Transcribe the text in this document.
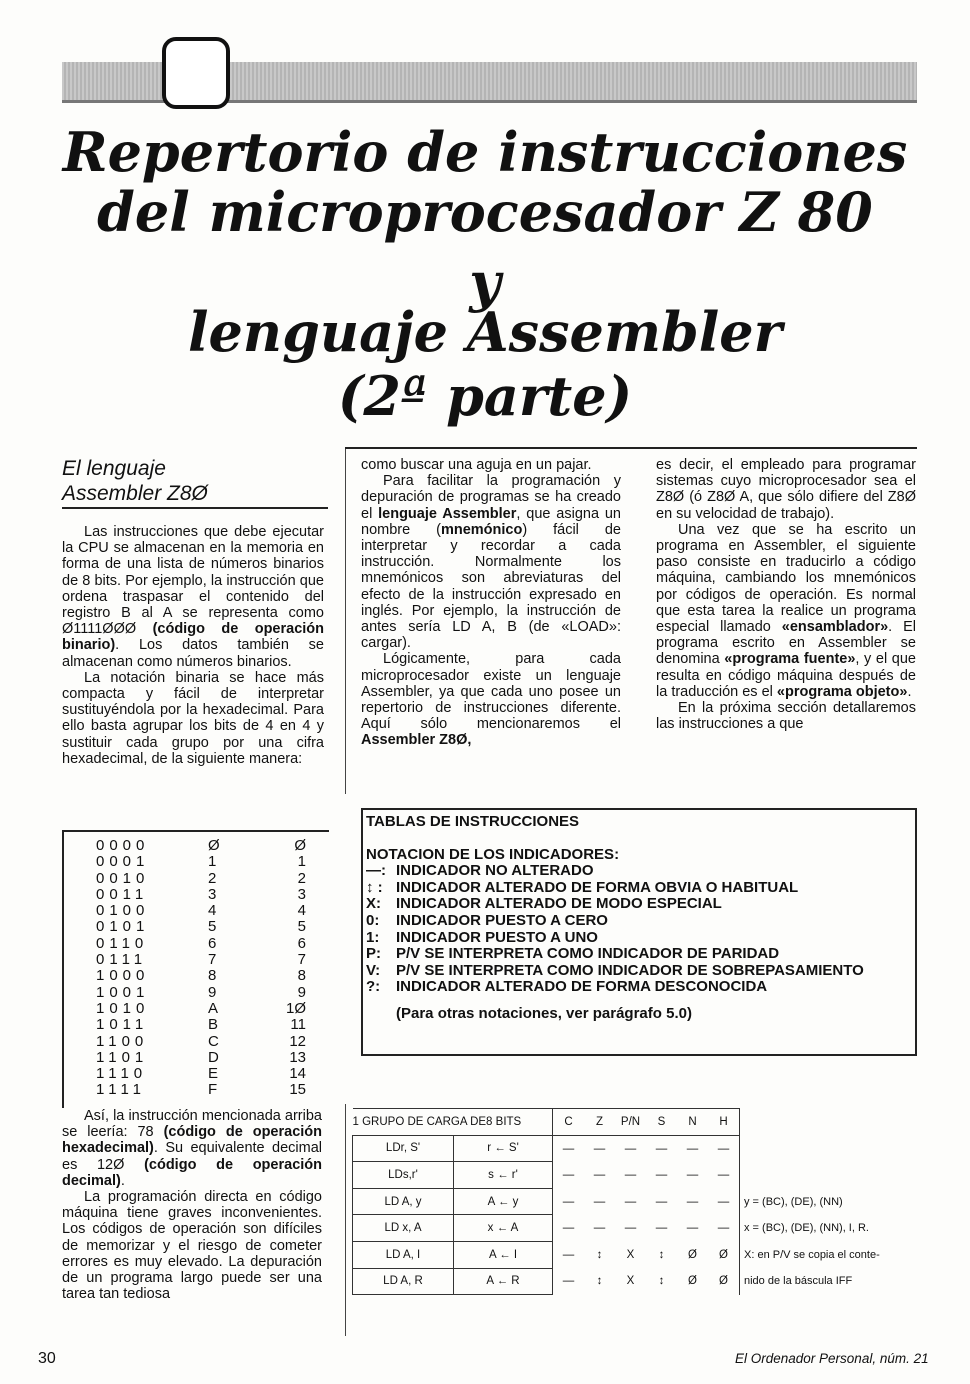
Repertorio de instrucciones
del microprocesador Z 80
y
lenguaje Assembler
(2ª parte)
El lenguaje
Assembler Z8Ø

Las instrucciones que debe ejecutar la CPU se almacenan en la memoria en forma de una lista de números binarios de 8 bits. Por ejemplo, la instrucción que ordena traspasar el contenido del registro B al A se representa como Ø1111ØØØ (código de operación binario). Los datos también se almacenan como números binarios.

La notación binaria se hace más compacta y fácil de interpretar sustituyéndola por la hexadecimal. Para ello basta agrupar los bits de 4 en 4 y sustituir cada grupo por una cifra hexadecimal, de la siguiente manera:

0000	Ø	Ø
0001	1	1
0010	2	2
0011	3	3
0100	4	4
0101	5	5
0110	6	6
0111	7	7
1000	8	8
1001	9	9
1010	A	1Ø
1011	B	11
1100	C	12
1101	D	13
1110	E	14
1111	F	15

Así, la instrucción mencionada arriba se leería: 78 (código de operación hexadecimal). Su equivalente decimal es 12Ø (código de operación decimal).

La programación directa en código máquina tiene graves inconvenientes. Los códigos de operación son difíciles de memorizar y el riesgo de cometer errores es muy elevado. La depuración de un programa largo puede ser una tarea tan tediosa

como buscar una aguja en un pajar.

Para facilitar la programación y depuración de programas se ha creado el lenguaje Assembler, que asigna un nombre (mnemónico) fácil de interpretar y recordar a cada instrucción. Normalmente los mnemónicos son abreviaturas del efecto de la instrucción expresado en inglés. Por ejemplo, la instrucción de antes sería LD A, B (de «LOAD»: cargar).

Lógicamente, para cada microprocesador existe un lenguaje Assembler, ya que cada uno posee un repertorio de instrucciones diferente. Aquí sólo mencionaremos el Assembler Z8Ø,

es decir, el empleado para programar sistemas cuyo microprocesador sea el Z8Ø (ó Z8Ø A, que sólo difiere del Z8Ø en su velocidad de trabajo).

Una vez que se ha escrito un programa en Assembler, el siguiente paso consiste en traducirlo a código máquina, cambiando los mnemónicos por códigos de operación. Es normal que esta tarea la realice un programa especial llamado «ensamblador». El programa escrito en Assembler se denomina «programa fuente», y el que resulta en código máquina después de la traducción es el «programa objeto».

En la próxima sección detallaremos las instrucciones a que

TABLAS DE INSTRUCCIONES
NOTACION DE LOS INDICADORES:
—: INDICADOR NO ALTERADO
↕ : INDICADOR ALTERADO DE FORMA OBVIA O HABITUAL
X:	INDICADOR ALTERADO DE MODO ESPECIAL
0:	INDICADOR PUESTO A CERO
1:	INDICADOR PUESTO A UNO
P:	P/V SE INTERPRETA COMO INDICADOR DE PARIDAD
V:	P/V SE INTERPRETA COMO INDICADOR DE SOBREPASAMIENTO
?:	INDICADOR ALTERADO DE FORMA DESCONOCIDA
(Para otras notaciones, ver parágrafo 5.0)
1 GRUPO DE CARGA DE8 BITS		C	Z	P/N	S	N	H	
LDr, S'	r ← S'	—	—	—	—	—	—	
LDs,r'	s ← r'	—	—	—	—	—	—	
LD A, y	A ← y	—	—	—	—	—	—	y = (BC), (DE), (NN)
LD x, A	x ← A	—	—	—	—	—	—	x = (BC), (DE), (NN), I, R.
LD A, I	A ← I	—	↕	X	↕	Ø	Ø	X: en P/V se copia el conte-
LD A, R	A ← R	—	↕	X	↕	Ø	Ø	nido de la báscula IFF
30	El Ordenador Personal, núm. 21
